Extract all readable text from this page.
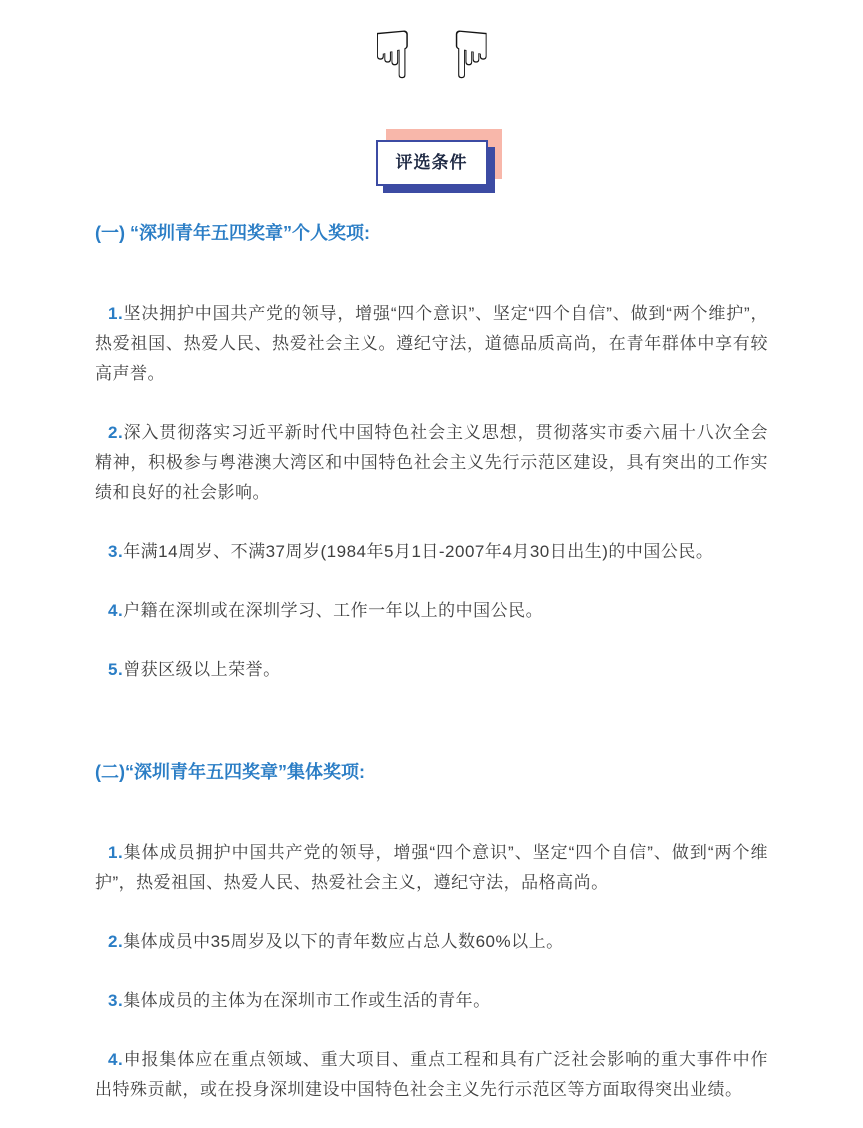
☟ ☟
评选条件
(一) “深圳青年五四奖章”个人奖项:

1.坚决拥护中国共产党的领导，增强“四个意识”、坚定“四个自信”、做到“两个维护”，热爱祖国、热爱人民、热爱社会主义。遵纪守法，道德品质高尚，在青年群体中享有较高声誉。

2.深入贯彻落实习近平新时代中国特色社会主义思想，贯彻落实市委六届十八次全会精神，积极参与粤港澳大湾区和中国特色社会主义先行示范区建设，具有突出的工作实绩和良好的社会影响。

3.年满14周岁、不满37周岁(1984年5月1日-2007年4月30日出生)的中国公民。

4.户籍在深圳或在深圳学习、工作一年以上的中国公民。

5.曾获区级以上荣誉。

(二)“深圳青年五四奖章”集体奖项:

1.集体成员拥护中国共产党的领导，增强“四个意识”、坚定“四个自信”、做到“两个维护”，热爱祖国、热爱人民、热爱社会主义，遵纪守法，品格高尚。

2.集体成员中35周岁及以下的青年数应占总人数60%以上。

3.集体成员的主体为在深圳市工作或生活的青年。

4.申报集体应在重点领域、重大项目、重点工程和具有广泛社会影响的重大事件中作出特殊贡献，或在投身深圳建设中国特色社会主义先行示范区等方面取得突出业绩。
